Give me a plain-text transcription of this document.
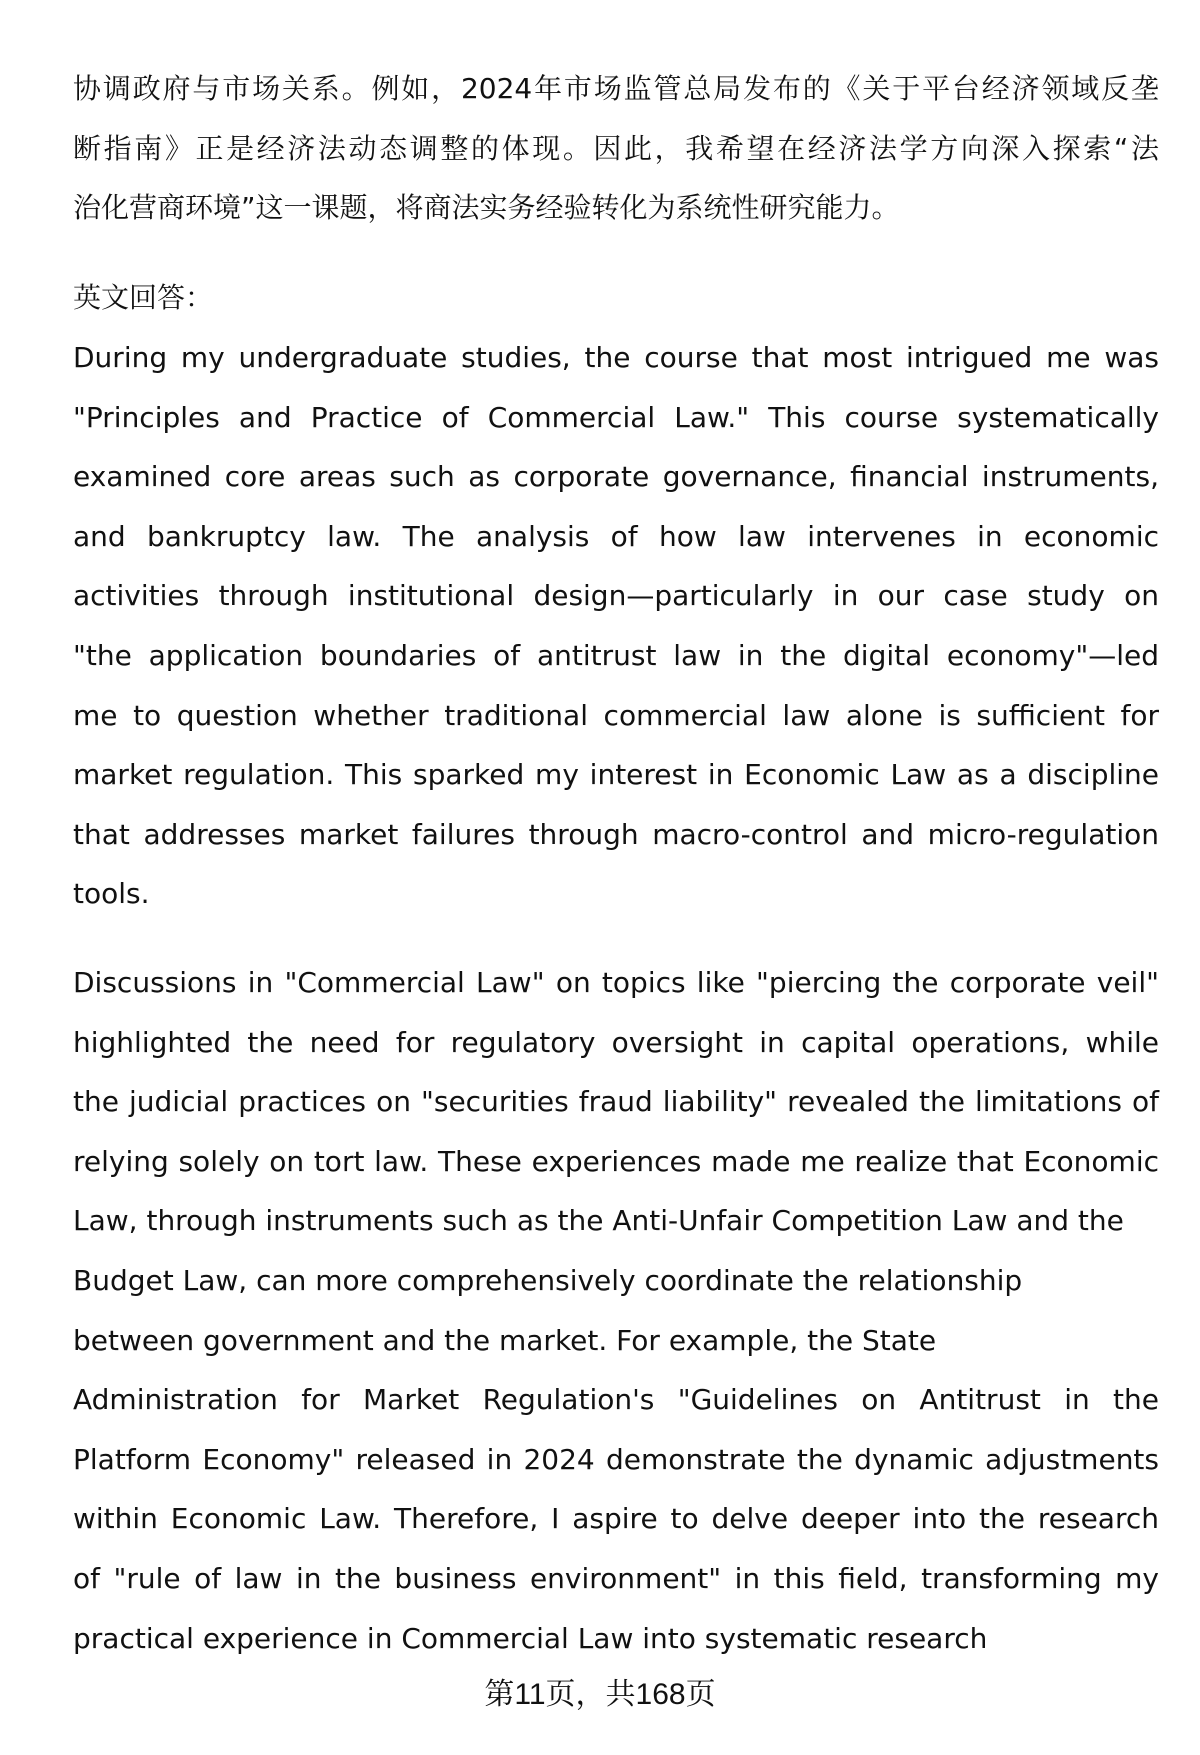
协调政府与市场关系。例如，2024年市场监管总局发布的《关于平台经济领域反垄
断指南》正是经济法动态调整的体现。因此，我希望在经济法学方向深入探索“法
治化营商环境”这一课题，将商法实务经验转化为系统性研究能力。
英文回答：
During my undergraduate studies, the course that most intrigued me was
"Principles and Practice of Commercial Law." This course systematically
examined core areas such as corporate governance, financial instruments,
and bankruptcy law. The analysis of how law intervenes in economic
activities through institutional design—particularly in our case study on
"the application boundaries of antitrust law in the digital economy"—led
me to question whether traditional commercial law alone is sufficient for
market regulation. This sparked my interest in Economic Law as a discipline
that addresses market failures through macro-control and micro-regulation
tools.
Discussions in "Commercial Law" on topics like "piercing the corporate veil"
highlighted the need for regulatory oversight in capital operations, while
the judicial practices on "securities fraud liability" revealed the limitations of
relying solely on tort law. These experiences made me realize that Economic
Law, through instruments such as the Anti-Unfair Competition Law and the
Budget Law, can more comprehensively coordinate the relationship
between government and the market. For example, the State
Administration for Market Regulation's "Guidelines on Antitrust in the
Platform Economy" released in 2024 demonstrate the dynamic adjustments
within Economic Law. Therefore, I aspire to delve deeper into the research
of "rule of law in the business environment" in this field, transforming my
practical experience in Commercial Law into systematic research
第11页，共168页
